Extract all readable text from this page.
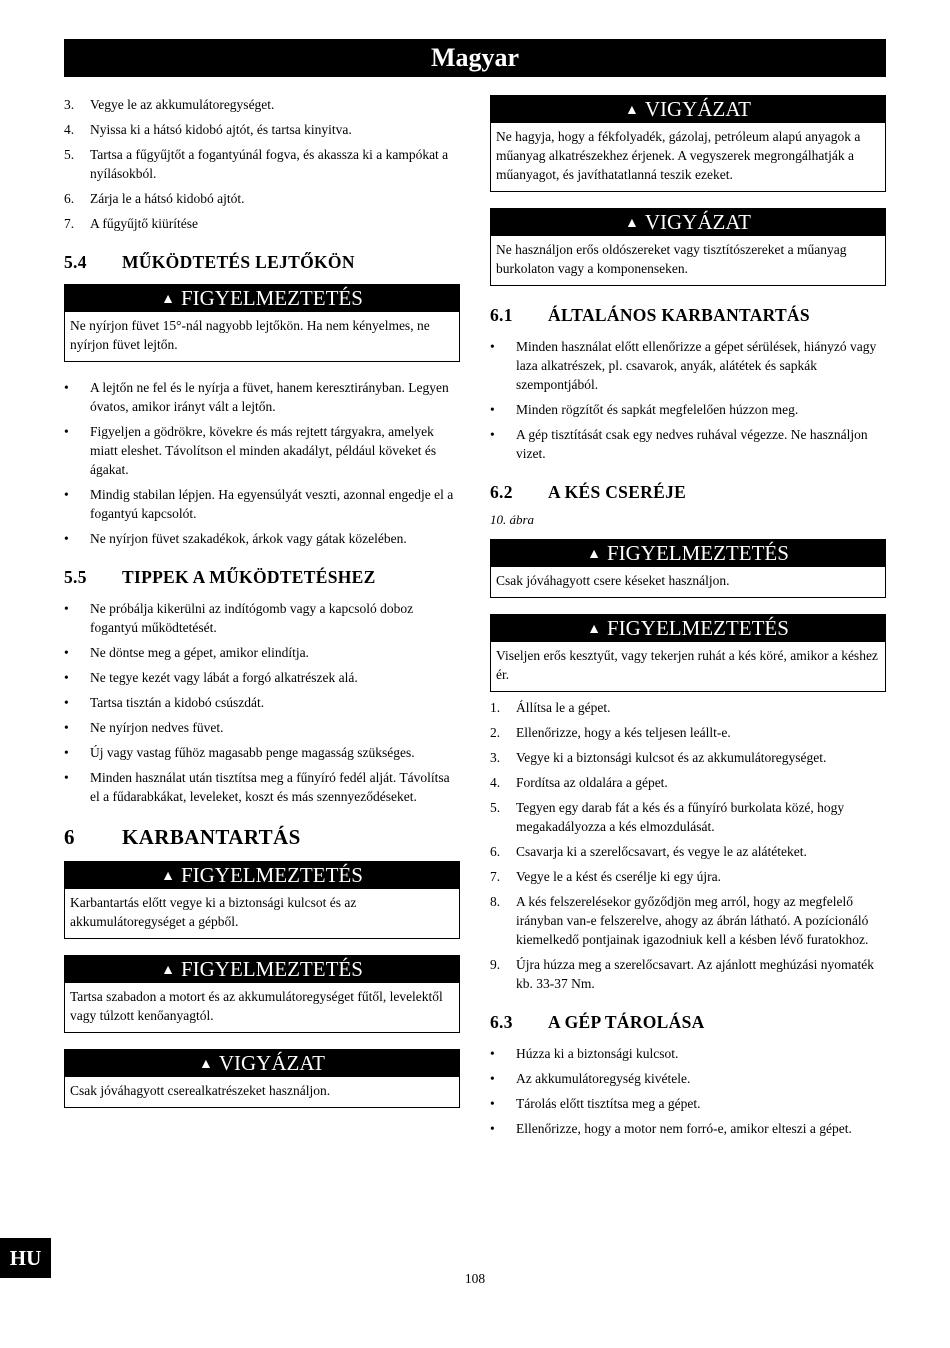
Magyar
3. Vegye le az akkumulátoregységet.
4. Nyissa ki a hátsó kidobó ajtót, és tartsa kinyitva.
5. Tartsa a fűgyűjtőt a fogantyúnál fogva, és akassza ki a kampókat a nyílásokból.
6. Zárja le a hátsó kidobó ajtót.
7. A fűgyűjtő kiürítése
5.4	MŰKÖDTETÉS LEJTŐKÖN
▲ FIGYELMEZTETÉS
Ne nyírjon füvet 15°-nál nagyobb lejtőkön. Ha nem kényelmes, ne nyírjon füvet lejtőn.
• A lejtőn ne fel és le nyírja a füvet, hanem keresztirányban. Legyen óvatos, amikor irányt vált a lejtőn.
• Figyeljen a gödrökre, kövekre és más rejtett tárgyakra, amelyek miatt eleshet. Távolítson el minden akadályt, például köveket és ágakat.
• Mindig stabilan lépjen. Ha egyensúlyát veszti, azonnal engedje el a fogantyú kapcsolót.
• Ne nyírjon füvet szakadékok, árkok vagy gátak közelében.
5.5	TIPPEK A MŰKÖDTETÉSHEZ
• Ne próbálja kikerülni az indítógomb vagy a kapcsoló doboz fogantyú működtetését.
• Ne döntse meg a gépet, amikor elindítja.
• Ne tegye kezét vagy lábát a forgó alkatrészek alá.
• Tartsa tisztán a kidobó csúszdát.
• Ne nyírjon nedves füvet.
• Új vagy vastag fűhöz magasabb penge magasság szükséges.
• Minden használat után tisztítsa meg a fűnyíró fedél alját. Távolítsa el a fűdarabkákat, leveleket, koszt és más szennyeződéseket.
6	KARBANTARTÁS
▲ FIGYELMEZTETÉS
Karbantartás előtt vegye ki a biztonsági kulcsot és az akkumulátoregységet a gépből.
▲ FIGYELMEZTETÉS
Tartsa szabadon a motort és az akkumulátoregységet fűtől, levelektől vagy túlzott kenőanyagtól.
▲ VIGYÁZAT
Csak jóváhagyott cserealkatrészeket használjon.
▲ VIGYÁZAT
Ne hagyja, hogy a fékfolyadék, gázolaj, petróleum alapú anyagok a műanyag alkatrészekhez érjenek. A vegyszerek megrongálhatják a műanyagot, és javíthatatlanná teszik ezeket.
▲ VIGYÁZAT
Ne használjon erős oldószereket vagy tisztítószereket a műanyag burkolaton vagy a komponenseken.
6.1	ÁLTALÁNOS KARBANTARTÁS
• Minden használat előtt ellenőrizze a gépet sérülések, hiányzó vagy laza alkatrészek, pl. csavarok, anyák, alátétek és sapkák szempontjából.
• Minden rögzítőt és sapkát megfelelően húzzon meg.
• A gép tisztítását csak egy nedves ruhával végezze. Ne használjon vizet.
6.2	A KÉS CSERÉJE
10. ábra
▲ FIGYELMEZTETÉS
Csak jóváhagyott csere késeket használjon.
▲ FIGYELMEZTETÉS
Viseljen erős kesztyűt, vagy tekerjen ruhát a kés köré, amikor a késhez ér.
1. Állítsa le a gépet.
2. Ellenőrizze, hogy a kés teljesen leállt-e.
3. Vegye ki a biztonsági kulcsot és az akkumulátoregységet.
4. Fordítsa az oldalára a gépet.
5. Tegyen egy darab fát a kés és a fűnyíró burkolata közé, hogy megakadályozza a kés elmozdulását.
6. Csavarja ki a szerelőcsavart, és vegye le az alátéteket.
7. Vegye le a kést és cserélje ki egy újra.
8. A kés felszerelésekor győződjön meg arról, hogy az megfelelő irányban van-e felszerelve, ahogy az ábrán látható. A pozícionáló kiemelkedő pontjainak igazodniuk kell a késben lévő furatokhoz.
9. Újra húzza meg a szerelőcsavart. Az ajánlott meghúzási nyomaték kb. 33-37 Nm.
6.3	A GÉP TÁROLÁSA
• Húzza ki a biztonsági kulcsot.
• Az akkumulátoregység kivétele.
• Tárolás előtt tisztítsa meg a gépet.
• Ellenőrizze, hogy a motor nem forró-e, amikor elteszi a gépet.
HU
108
